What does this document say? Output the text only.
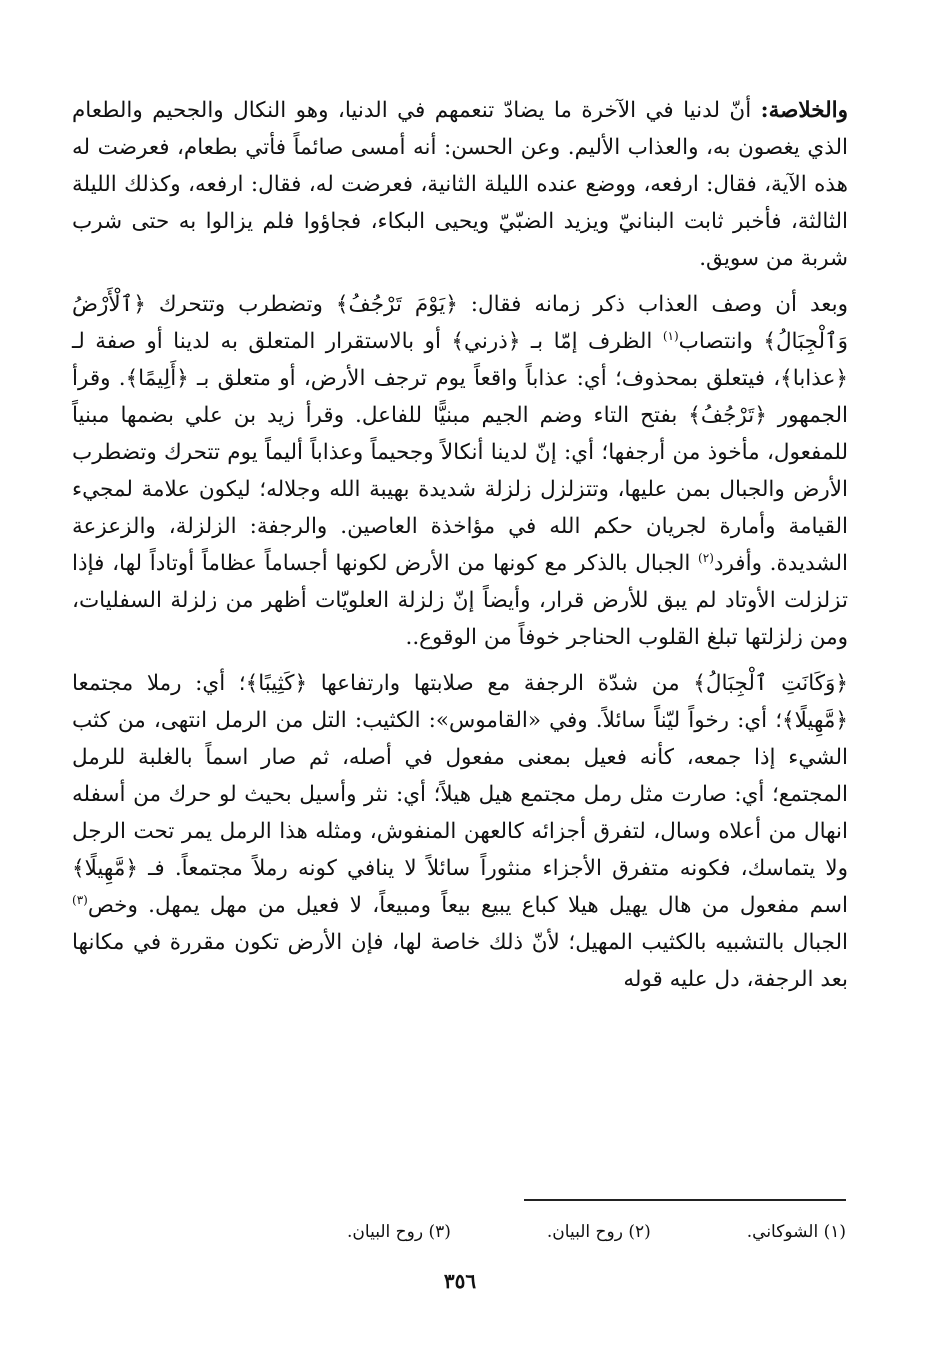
والخلاصة: أنّ لدنيا في الآخرة ما يضادّ تنعمهم في الدنيا، وهو النكال والجحيم والطعام الذي يغصون به، والعذاب الأليم. وعن الحسن: أنه أمسى صائماً فأتي بطعام، فعرضت له هذه الآية، فقال: ارفعه، ووضع عنده الليلة الثانية، فعرضت له، فقال: ارفعه، وكذلك الليلة الثالثة، فأخبر ثابت البنانيّ ويزيد الضبّيّ ويحيى البكاء، فجاؤوا فلم يزالوا به حتى شرب شربة من سويق.

وبعد أن وصف العذاب ذكر زمانه فقال: ﴿يَوْمَ تَرْجُفُ﴾ وتضطرب وتتحرك ﴿ٱلْأَرْضُ وَٱلْجِبَالُ﴾ وانتصاب$^{(١)}$ الظرف إمّا بـ ﴿ذرني﴾ أو بالاستقرار المتعلق به لدينا أو صفة لـ ﴿عذابا﴾، فيتعلق بمحذوف؛ أي: عذاباً واقعاً يوم ترجف الأرض، أو متعلق بـ ﴿أَلِيمًا﴾. وقرأ الجمهور ﴿تَرْجُفُ﴾ بفتح التاء وضم الجيم مبنيًّا للفاعل. وقرأ زيد بن علي بضمها مبنياً للمفعول، مأخوذ من أرجفها؛ أي: إنّ لدينا أنكالاً وجحيماً وعذاباً أليماً يوم تتحرك وتضطرب الأرض والجبال بمن عليها، وتتزلزل زلزلة شديدة بهيبة الله وجلاله؛ ليكون علامة لمجيء القيامة وأمارة لجريان حكم الله في مؤاخذة العاصين. والرجفة: الزلزلة، والزعزعة الشديدة. وأفرد$^{(٢)}$ الجبال بالذكر مع كونها من الأرض لكونها أجساماً عظاماً أوتاداً لها، فإذا تزلزلت الأوتاد لم يبق للأرض قرار، وأيضاً إنّ زلزلة العلويّات أظهر من زلزلة السفليات، ومن زلزلتها تبلغ القلوب الحناجر خوفاً من الوقوع..

﴿وَكَانَتِ ٱلْجِبَالُ﴾ من شدّة الرجفة مع صلابتها وارتفاعها ﴿كَثِيبًا﴾؛ أي: رملا مجتمعا ﴿مَّهِيلًا﴾؛ أي: رخواً ليّناً سائلاً. وفي «القاموس»: الكثيب: التل من الرمل انتهى، من كثب الشيء إذا جمعه، كأنه فعيل بمعنى مفعول في أصله، ثم صار اسماً بالغلبة للرمل المجتمع؛ أي: صارت مثل رمل مجتمع هيل هيلاً؛ أي: نثر وأسيل بحيث لو حرك من أسفله انهال من أعلاه وسال، لتفرق أجزائه كالعهن المنفوش، ومثله هذا الرمل يمر تحت الرجل ولا يتماسك، فكونه متفرق الأجزاء منثوراً سائلاً لا ينافي كونه رملاً مجتمعاً. فـ ﴿مَّهِيلًا﴾ اسم مفعول من هال يهيل هيلا كباع يبيع بيعاً ومبيعاً، لا فعيل من مهل يمهل. وخص$^{(٣)}$ الجبال بالتشبيه بالكثيب المهيل؛ لأنّ ذلك خاصة لها، فإن الأرض تكون مقررة في مكانها بعد الرجفة، دل عليه قوله

(١) الشوكاني.
(٢) روح البيان.
(٣) روح البيان.
٣٥٦
